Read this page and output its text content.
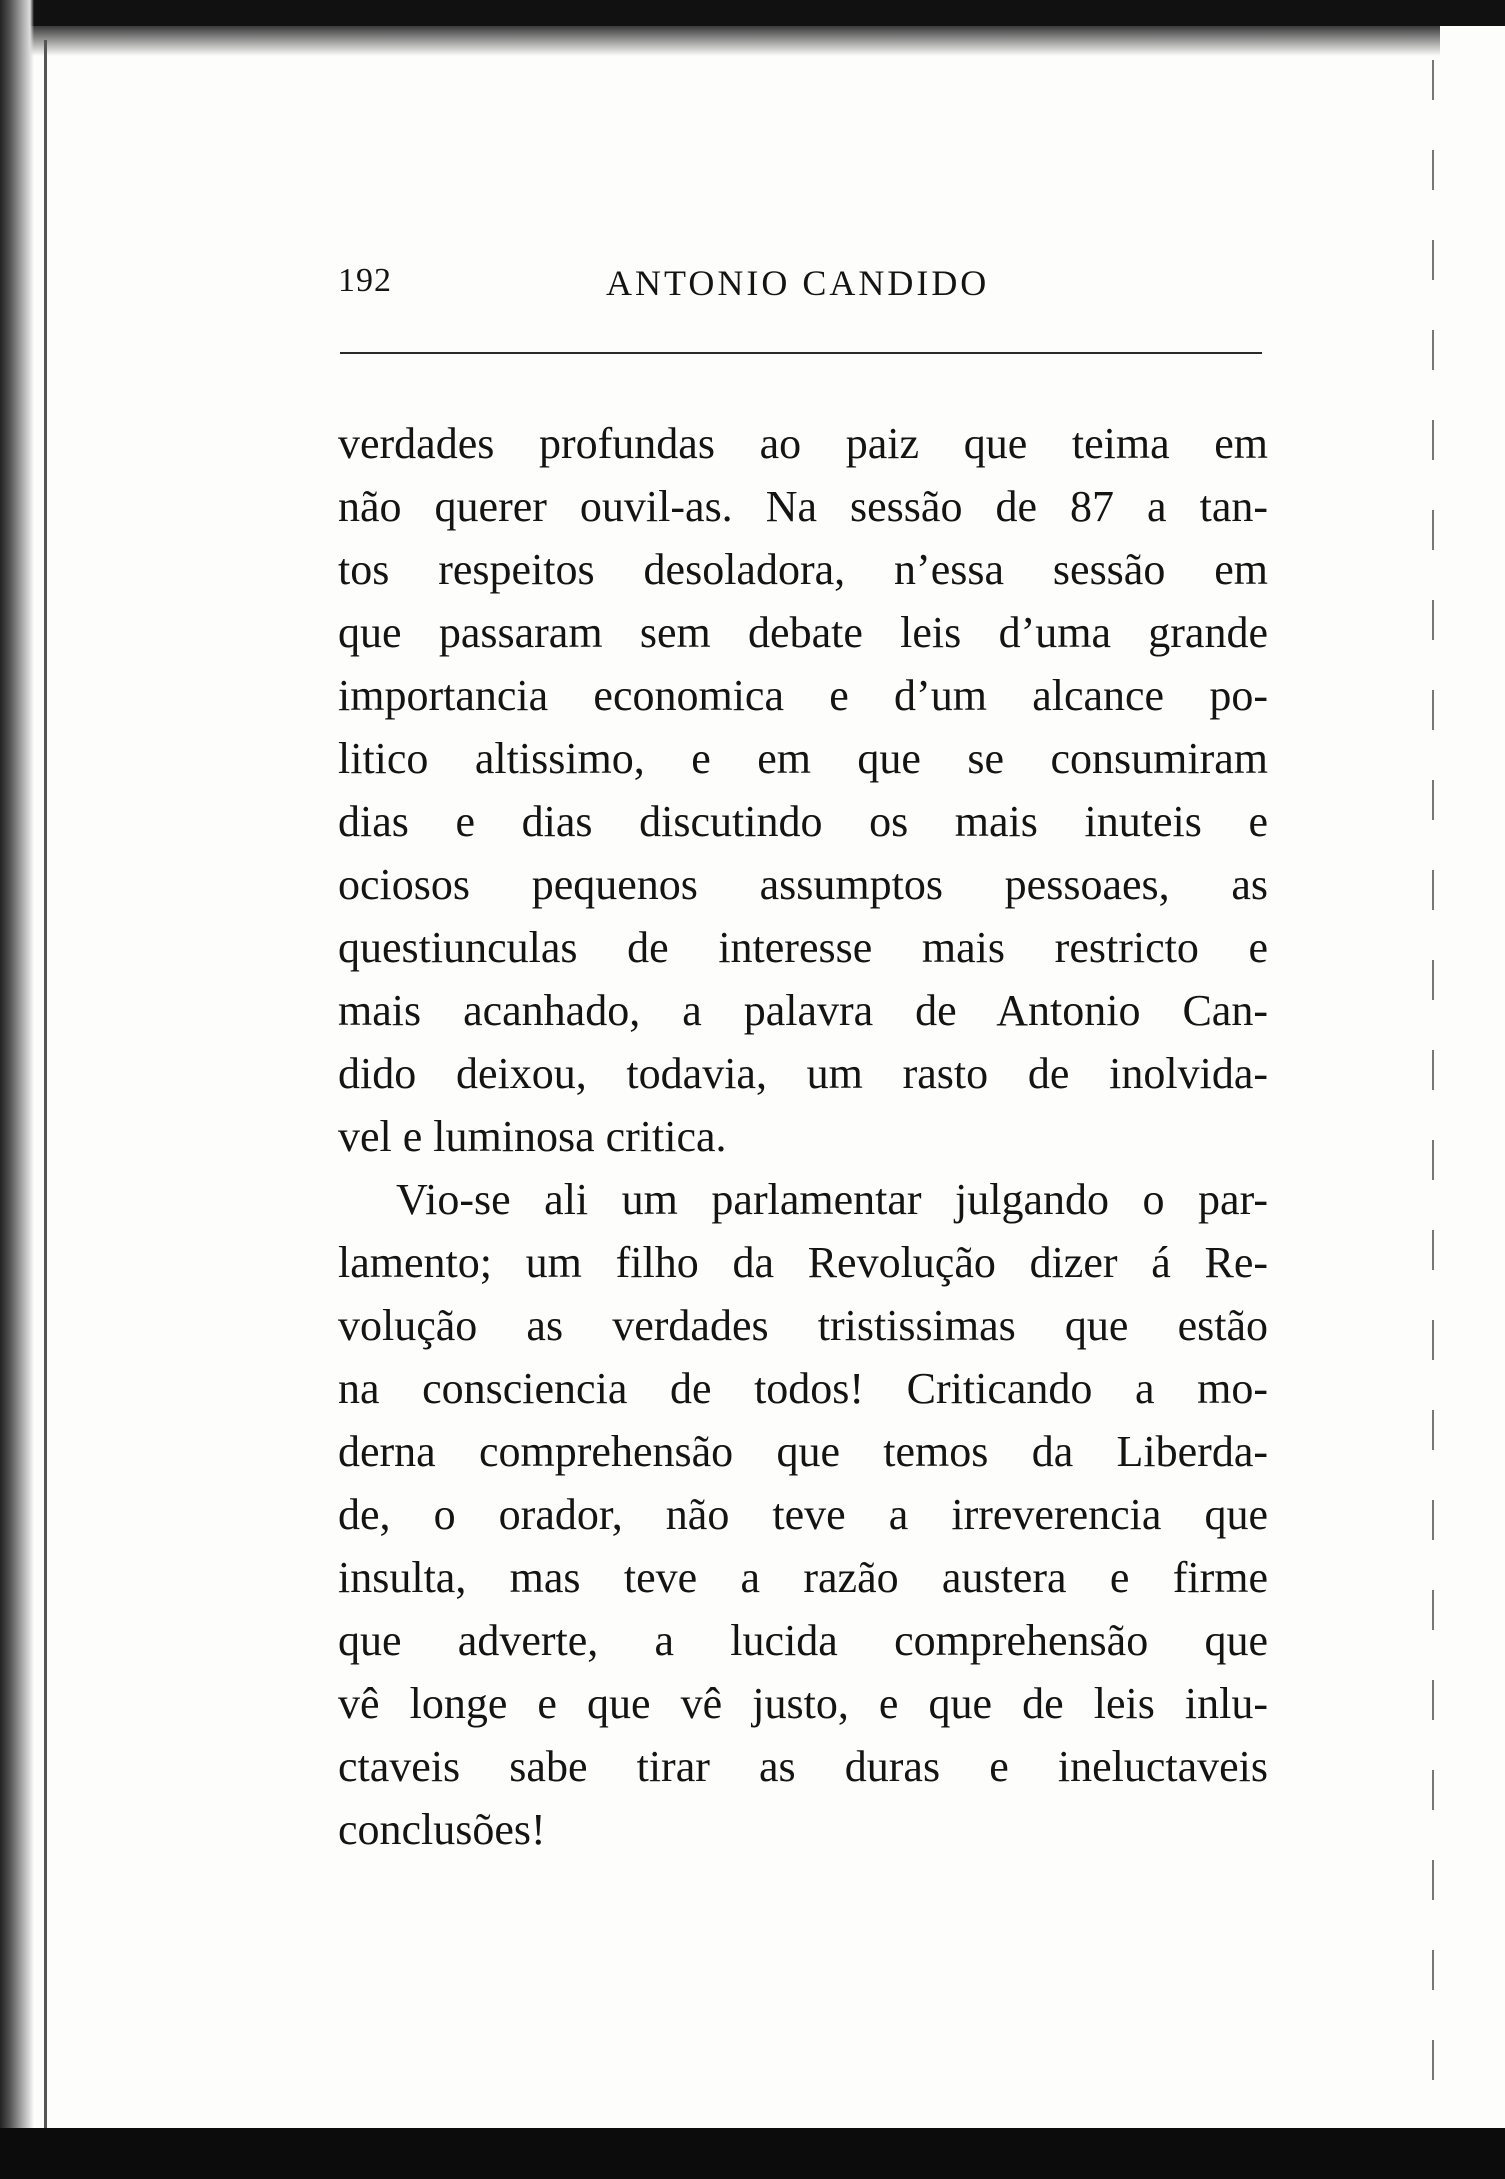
192	ANTONIO CANDIDO
verdades profundas ao paiz que teima em
não querer ouvil-as. Na sessão de 87 a tan-
tos respeitos desoladora, n’essa sessão em
que passaram sem debate leis d’uma grande
importancia economica e d’um alcance po-
litico altissimo, e em que se consumiram
dias e dias discutindo os mais inuteis e
ociosos pequenos assumptos pessoaes, as
questiunculas de interesse mais restricto e
mais acanhado, a palavra de Antonio Can-
dido deixou, todavia, um rasto de inolvida-
vel e luminosa critica.
Vio-se ali um parlamentar julgando o par-
lamento; um filho da Revolução dizer á Re-
volução as verdades tristissimas que estão
na consciencia de todos! Criticando a mo-
derna comprehensão que temos da Liberda-
de, o orador, não teve a irreverencia que
insulta, mas teve a razão austera e firme
que adverte, a lucida comprehensão que
vê longe e que vê justo, e que de leis inlu-
ctaveis sabe tirar as duras e ineluctaveis
conclusões!
